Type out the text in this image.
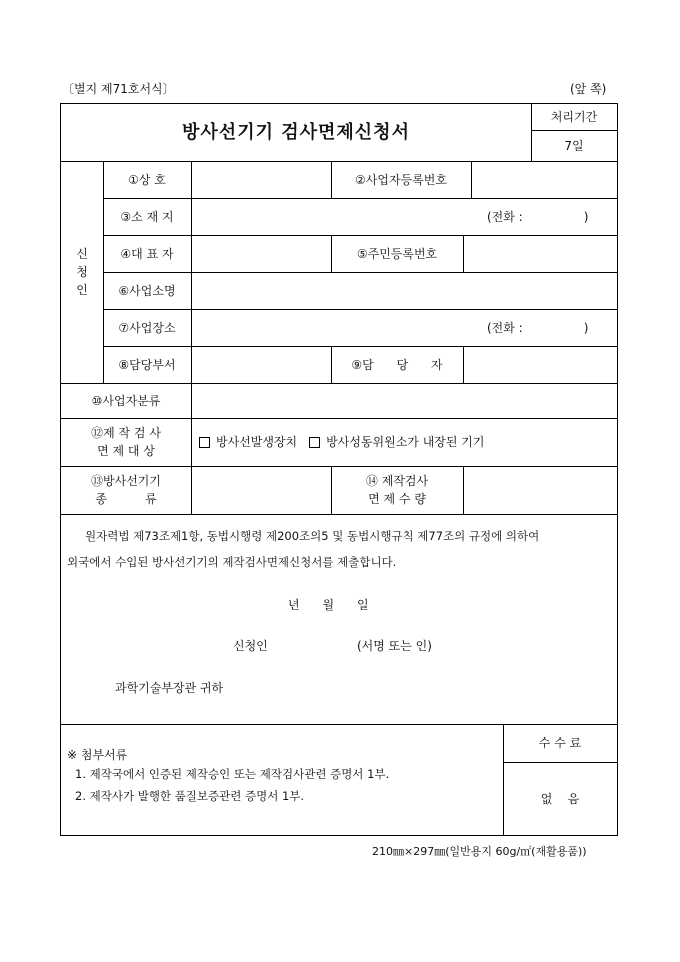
〔별지 제71호서식〕	(앞 쪽)
방사선기기 검사면제신청서
처리기간
7일
신
청
인
①상 호	②사업자등록번호
③소 재 지	(전화 :                )
④대 표 자	⑤주민등록번호
⑥사업소명
⑦사업장소	(전화 :                )
⑧담당부서	⑨담      당      자
⑩사업자분류
⑫제 작 검 사
면 제 대 상
방사선발생장치 방사성동위원소가 내장된 기기
⑬방사선기기
종          류
⑭ 제작검사
면 제 수 량
원자력법 제73조제1항, 동법시행령 제200조의5 및 동법시행규칙 제77조의 규정에 의하여
외국에서 수입된 방사선기기의 제작검사면제신청서를 제출합니다.
년      월      일
신청인	(서명 또는 인)
과학기술부장관 귀하
※ 첨부서류
1. 제작국에서 인증된 제작승인 또는 제작검사관련 증명서 1부.
2. 제작사가 발행한 품질보증관련 증명서 1부.
수 수 료
없    음
210㎜×297㎜(일반용지 60g/㎡(재활용품))
